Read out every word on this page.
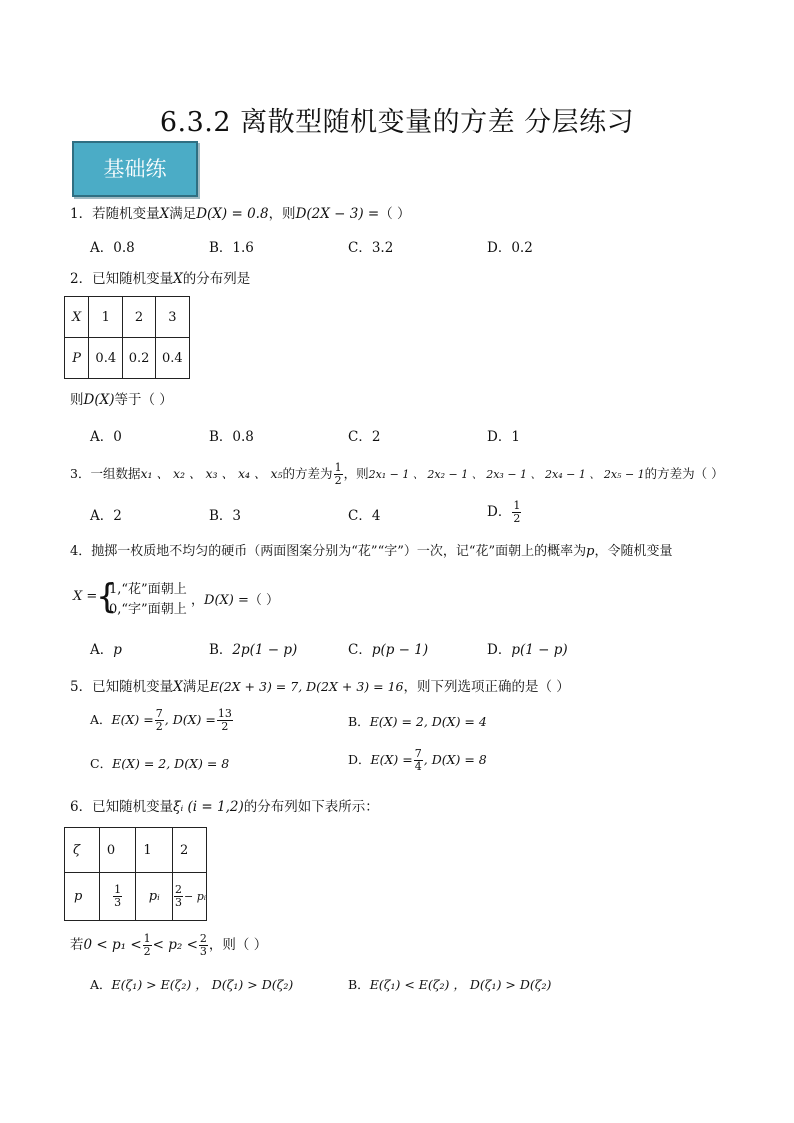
6.3.2 离散型随机变量的方差 分层练习
基础练
1．若随机变量X满足D(X) = 0.8，则D(2X − 3) =（ ）
A．0.8	B．1.6	C．3.2	D．0.2
2．已知随机变量X的分布列是
X	1	2	3
P	0.4	0.2	0.4
则D(X)等于（ ）
A．0	B．0.8	C．2	D．1
3．一组数据x₁ 、 x₂ 、 x₃ 、 x₄ 、 x₅的方差为 $\frac{1}{2}$ ，则2x₁ − 1 、 2x₂ − 1 、 2x₃ − 1 、 2x₄ − 1 、 2x₅ − 1的方差为（ ）
A．2	B．3	C．4	D． $\frac{1}{2}$
4．抛掷一枚质地不均匀的硬币（两面图案分别为“花”“字”）一次，记“花”面朝上的概率为p，令随机变量
X =
{
1,“花”面朝上
0,“字”面朝上
，D(X) =（ ）
A．p	B．2p(1 − p)	C．p(p − 1)	D．p(1 − p)
5．已知随机变量X满足E(2X + 3) = 7, D(2X + 3) = 16，则下列选项正确的是（ ）
A．$E(X) = \frac{7}{2}$ , $D(X) = \frac{13}{2}$	B．E(X) = 2, D(X) = 4
C．E(X) = 2, D(X) = 8	D．$E(X) = \frac{7}{4}$ , D(X) = 8
6．已知随机变量ξᵢ (i = 1,2)的分布列如下表所示：
ζ	0	1	2
p	$\frac{1}{3}$	pᵢ	$\frac{2}{3}$ − pᵢ
若$0 < p_1 < \frac{1}{2} < p_2 < \frac{2}{3}$ ，则（ ）
A．E(ζ₁) > E(ζ₂) ， D(ζ₁) > D(ζ₂)	B．E(ζ₁) < E(ζ₂) ， D(ζ₁) > D(ζ₂)
